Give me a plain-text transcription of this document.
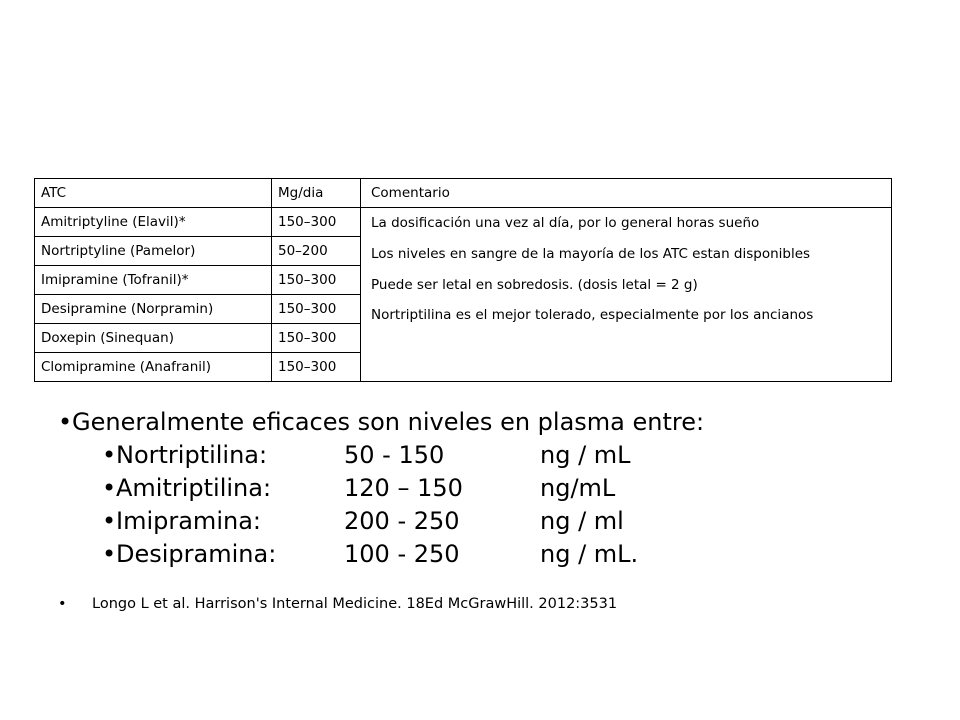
ATC	Mg/dia	Comentario
Amitriptyline (Elavil)*	150–300	La dosificación una vez al día, por lo general horas sueño
Los niveles en sangre de la mayoría de los ATC estan disponibles
Puede ser letal en sobredosis. (dosis letal = 2 g)
Nortriptilina es el mejor tolerado, especialmente por los ancianos

Nortriptyline (Pamelor)	50–200	
Imipramine (Tofranil)*	150–300	
Desipramine (Norpramin)	150–300	
Doxepin (Sinequan)	150–300	
Clomipramine (Anafranil)	150–300	
•Generalmente eficaces son niveles en plasma entre:
• Nortriptilina:	50 - 150	ng / mL
• Amitriptilina:	120 – 150	ng/mL
• Imipramina:	200 - 250	ng / ml
• Desipramina:	100 - 250	ng / mL.
• Longo L et al. Harrison's Internal Medicine. 18Ed McGrawHill. 2012:3531
